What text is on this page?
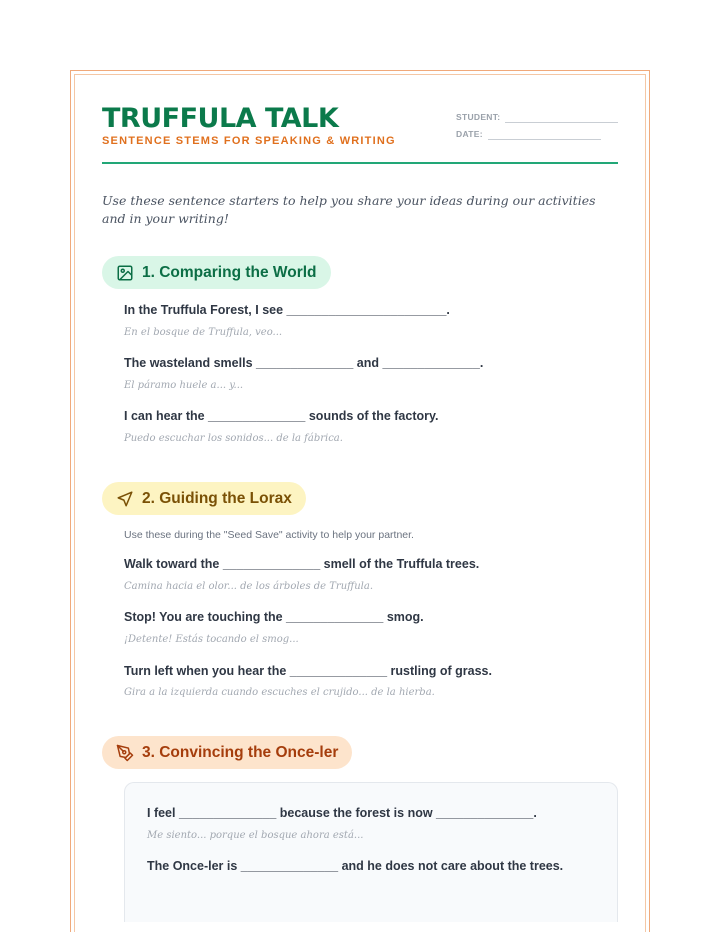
TRUFFULA TALK
SENTENCE STEMS FOR SPEAKING & WRITING
STUDENT:
DATE:
Use these sentence starters to help you share your ideas during our activities and in your writing!
1. Comparing the World
In the Truffula Forest, I see _______________________.
En el bosque de Truffula, veo...
The wasteland smells ______________ and ______________.
El páramo huele a... y...
I can hear the ______________ sounds of the factory.
Puedo escuchar los sonidos... de la fábrica.
2. Guiding the Lorax
Use these during the "Seed Save" activity to help your partner.
Walk toward the ______________ smell of the Truffula trees.
Camina hacia el olor... de los árboles de Truffula.
Stop! You are touching the ______________ smog.
¡Detente! Estás tocando el smog...
Turn left when you hear the ______________ rustling of grass.
Gira a la izquierda cuando escuches el crujido... de la hierba.
3. Convincing the Once-ler
I feel ______________ because the forest is now ______________.
Me siento... porque el bosque ahora está...
The Once-ler is ______________ and he does not care about the trees.
